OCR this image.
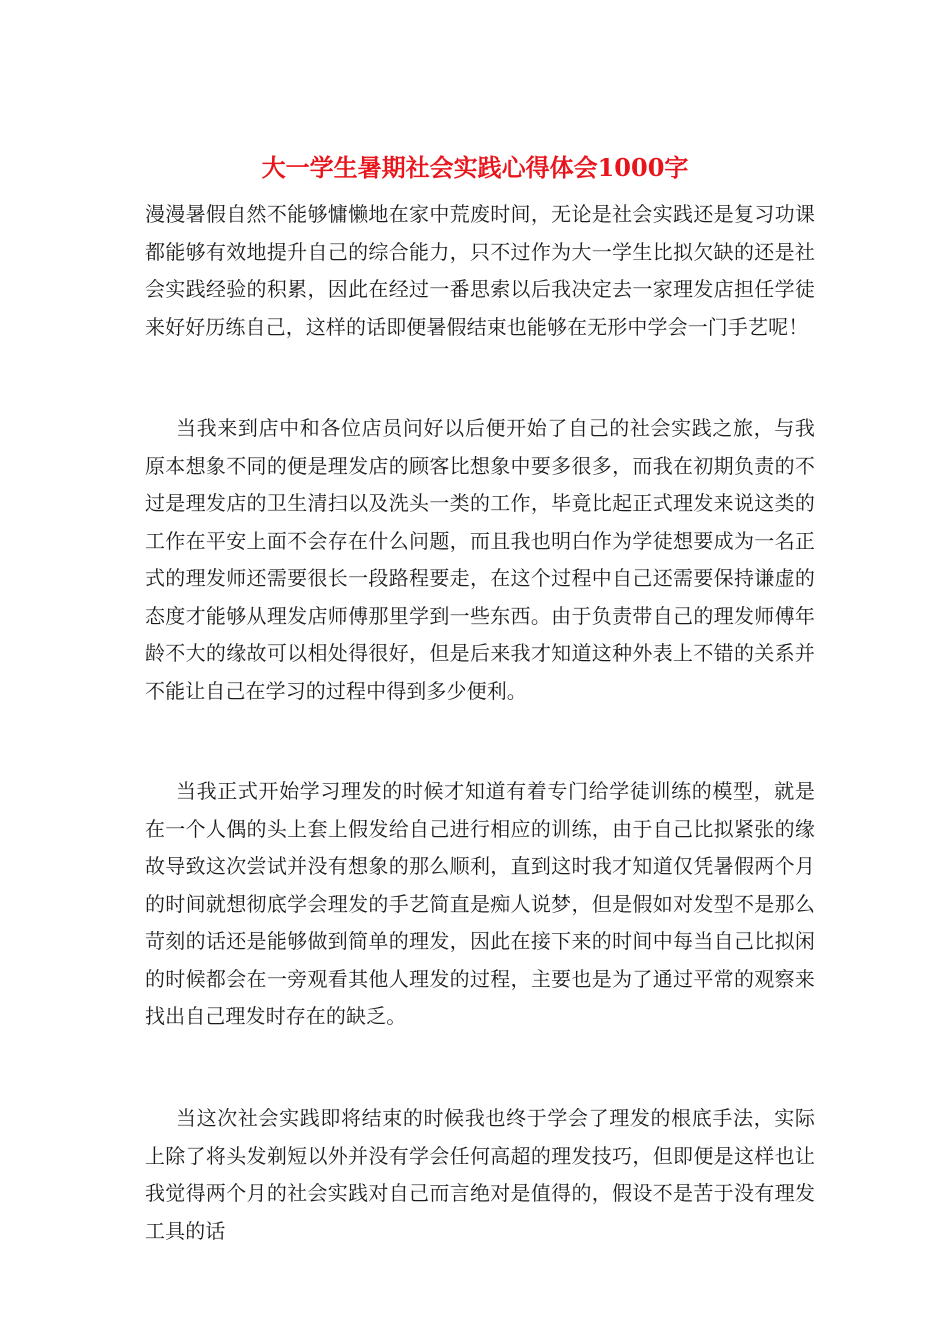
大一学生暑期社会实践心得体会1000字

漫漫暑假自然不能够慵懒地在家中荒废时间，无论是社会实践还是复习功课都能够有效地提升自己的综合能力，只不过作为大一学生比拟欠缺的还是社会实践经验的积累，因此在经过一番思索以后我决定去一家理发店担任学徒来好好历练自己，这样的话即便暑假结束也能够在无形中学会一门手艺呢！

当我来到店中和各位店员问好以后便开始了自己的社会实践之旅，与我原本想象不同的便是理发店的顾客比想象中要多很多，而我在初期负责的不过是理发店的卫生清扫以及洗头一类的工作，毕竟比起正式理发来说这类的工作在平安上面不会存在什么问题，而且我也明白作为学徒想要成为一名正式的理发师还需要很长一段路程要走，在这个过程中自己还需要保持谦虚的态度才能够从理发店师傅那里学到一些东西。由于负责带自己的理发师傅年龄不大的缘故可以相处得很好，但是后来我才知道这种外表上不错的关系并不能让自己在学习的过程中得到多少便利。

当我正式开始学习理发的时候才知道有着专门给学徒训练的模型，就是在一个人偶的头上套上假发给自己进行相应的训练，由于自己比拟紧张的缘故导致这次尝试并没有想象的那么顺利，直到这时我才知道仅凭暑假两个月的时间就想彻底学会理发的手艺简直是痴人说梦，但是假如对发型不是那么苛刻的话还是能够做到简单的理发，因此在接下来的时间中每当自己比拟闲的时候都会在一旁观看其他人理发的过程，主要也是为了通过平常的观察来找出自己理发时存在的缺乏。

当这次社会实践即将结束的时候我也终于学会了理发的根底手法，实际上除了将头发剃短以外并没有学会任何高超的理发技巧，但即便是这样也让我觉得两个月的社会实践对自己而言绝对是值得的，假设不是苦于没有理发工具的话
